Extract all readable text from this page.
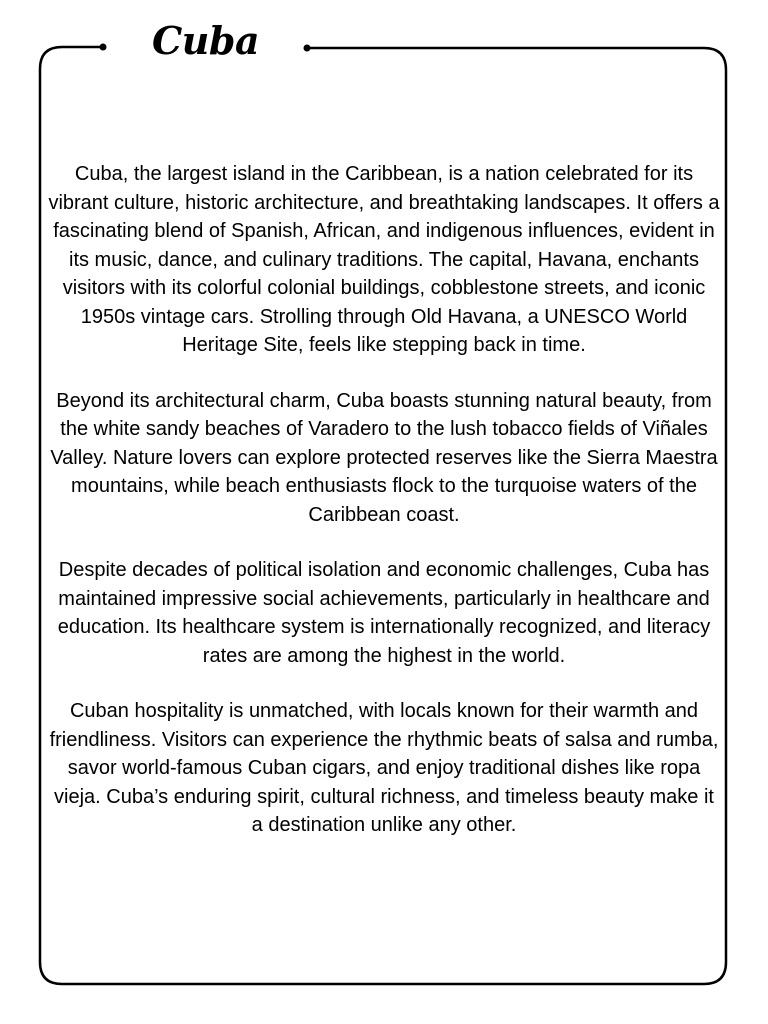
Cuba

Cuba, the largest island in the Caribbean, is a nation celebrated for its vibrant culture, historic architecture, and breathtaking landscapes. It offers a fascinating blend of Spanish, African, and indigenous influences, evident in its music, dance, and culinary traditions. The capital, Havana, enchants visitors with its colorful colonial buildings, cobblestone streets, and iconic 1950s vintage cars. Strolling through Old Havana, a UNESCO World Heritage Site, feels like stepping back in time.

Beyond its architectural charm, Cuba boasts stunning natural beauty, from the white sandy beaches of Varadero to the lush tobacco fields of Viñales Valley. Nature lovers can explore protected reserves like the Sierra Maestra mountains, while beach enthusiasts flock to the turquoise waters of the Caribbean coast.

Despite decades of political isolation and economic challenges, Cuba has maintained impressive social achievements, particularly in healthcare and education. Its healthcare system is internationally recognized, and literacy rates are among the highest in the world.

Cuban hospitality is unmatched, with locals known for their warmth and friendliness. Visitors can experience the rhythmic beats of salsa and rumba, savor world-famous Cuban cigars, and enjoy traditional dishes like ropa vieja. Cuba’s enduring spirit, cultural richness, and timeless beauty make it a destination unlike any other.
